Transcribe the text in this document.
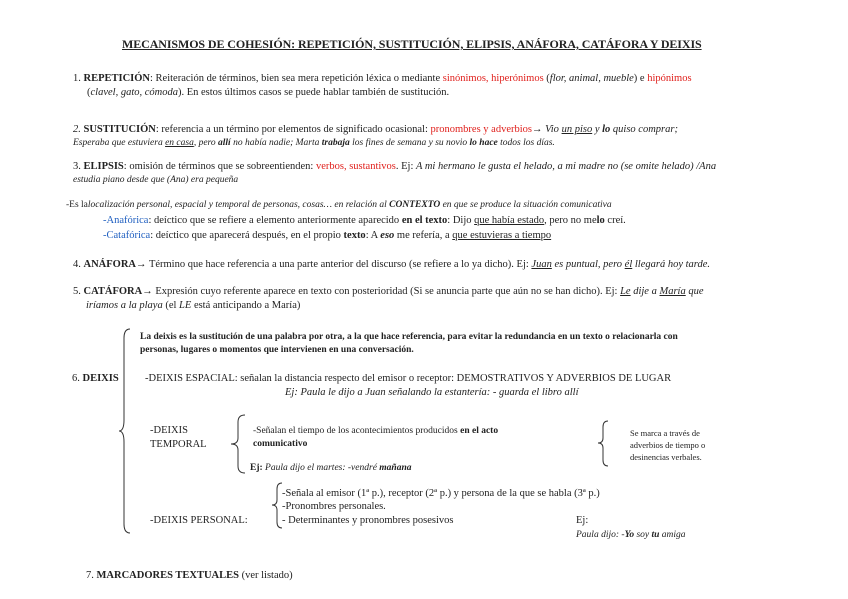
MECANISMOS DE COHESIÓN: REPETICIÓN, SUSTITUCIÓN, ELIPSIS, ANÁFORA, CATÁFORA Y DEIXIS
1. REPETICIÓN: Reiteración de términos, bien sea mera repetición léxica o mediante sinónimos, hiperónimos (flor, animal, mueble) e hipónimos
(clavel, gato, cómoda). En estos últimos casos se puede hablar también de sustitución.
2. SUSTITUCIÓN: referencia a un término por elementos de significado ocasional: pronombres y adverbios→ Vio un piso y lo quiso comprar;
Esperaba que estuviera en casa, pero allí no había nadie; Marta trabaja los fines de semana y su novio lo hace todos los días.
3. ELIPSIS: omisión de términos que se sobreentienden: verbos, sustantivos. Ej: A mi hermano le gusta el helado, a mi madre no (se omite helado) /Ana
estudia piano desde que (Ana) era pequeña
-Es lalocalización personal, espacial y temporal de personas, cosas… en relación al CONTEXTO en que se produce la situación comunicativa
-Anafórica: deíctico que se refiere a elemento anteriormente aparecido en el texto: Dijo que había estado, pero no melo creí.
-Catafórica: deíctico que aparecerá después, en el propio texto: A eso me refería, a que estuvieras a tiempo
4. ANÁFORA→ Término que hace referencia a una parte anterior del discurso (se refiere a lo ya dicho). Ej: Juan es puntual, pero él llegará hoy tarde.
5. CATÁFORA→ Expresión cuyo referente aparece en texto con posterioridad (Si se anuncia parte que aún no se han dicho). Ej: Le dije a María que
iríamos a la playa (el LE está anticipando a María)
La deixis es la sustitución de una palabra por otra, a la que hace referencia, para evitar la redundancia en un texto o relacionarla con
personas, lugares o momentos que intervienen en una conversación.
6. DEIXIS	-DEIXIS ESPACIAL: señalan la distancia respecto del emisor o receptor: DEMOSTRATIVOS Y ADVERBIOS DE LUGAR
Ej: Paula le dijo a Juan señalando la estantería: - guarda el libro allí
-DEIXIS
TEMPORAL
-Señalan el tiempo de los acontecimientos producidos en el acto
comunicativo
Ej: Paula dijo el martes: -vendré mañana
Se marca a través de
adverbios de tiempo o
desinencias verbales.
-Señala al emisor (1ª p.), receptor (2ª p.) y persona de la que se habla (3ª p.)
-Pronombres personales.
-DEIXIS PERSONAL:	- Determinantes y pronombres posesivos	Ej:
Paula dijo: -Yo soy tu amiga
7. MARCADORES TEXTUALES (ver listado)
